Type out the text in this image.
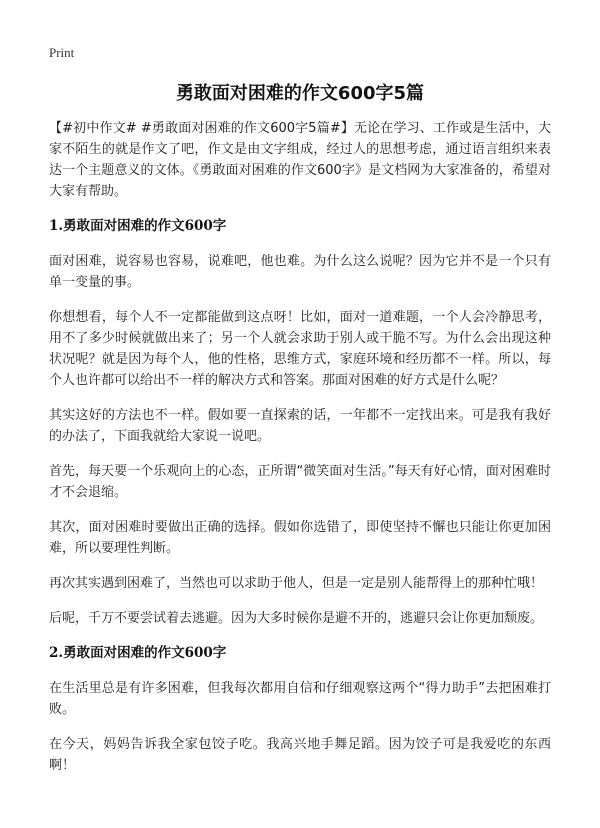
Print
勇敢面对困难的作文600字5篇

【#初中作文# #勇敢面对困难的作文600字5篇#】无论在学习、工作或是生活中，大家不陌生的就是作文了吧，作文是由文字组成，经过人的思想考虑，通过语言组织来表达一个主题意义的文体。《勇敢面对困难的作文600字》是文档网为大家准备的，希望对大家有帮助。

1.勇敢面对困难的作文600字

面对困难，说容易也容易，说难吧，他也难。为什么这么说呢？因为它并不是一个只有单一变量的事。

你想想看，每个人不一定都能做到这点呀！比如，面对一道难题，一个人会冷静思考，用不了多少时候就做出来了；另一个人就会求助于别人或干脆不写。为什么会出现这种状况呢？就是因为每个人，他的性格，思维方式，家庭环境和经历都不一样。所以，每个人也许都可以给出不一样的解决方式和答案。那面对困难的好方式是什么呢？

其实这好的方法也不一样。假如要一直探索的话，一年都不一定找出来。可是我有我好的办法了，下面我就给大家说一说吧。

首先，每天要一个乐观向上的心态，正所谓“微笑面对生活。”每天有好心情，面对困难时才不会退缩。

其次，面对困难时要做出正确的选择。假如你选错了，即使坚持不懈也只能让你更加困难，所以要理性判断。

再次其实遇到困难了，当然也可以求助于他人，但是一定是别人能帮得上的那种忙哦！

后呢，千万不要尝试着去逃避。因为大多时候你是避不开的，逃避只会让你更加颓废。

2.勇敢面对困难的作文600字

在生活里总是有许多困难，但我每次都用自信和仔细观察这两个“得力助手”去把困难打败。

在今天，妈妈告诉我全家包饺子吃。我高兴地手舞足蹈。因为饺子可是我爱吃的东西啊！
